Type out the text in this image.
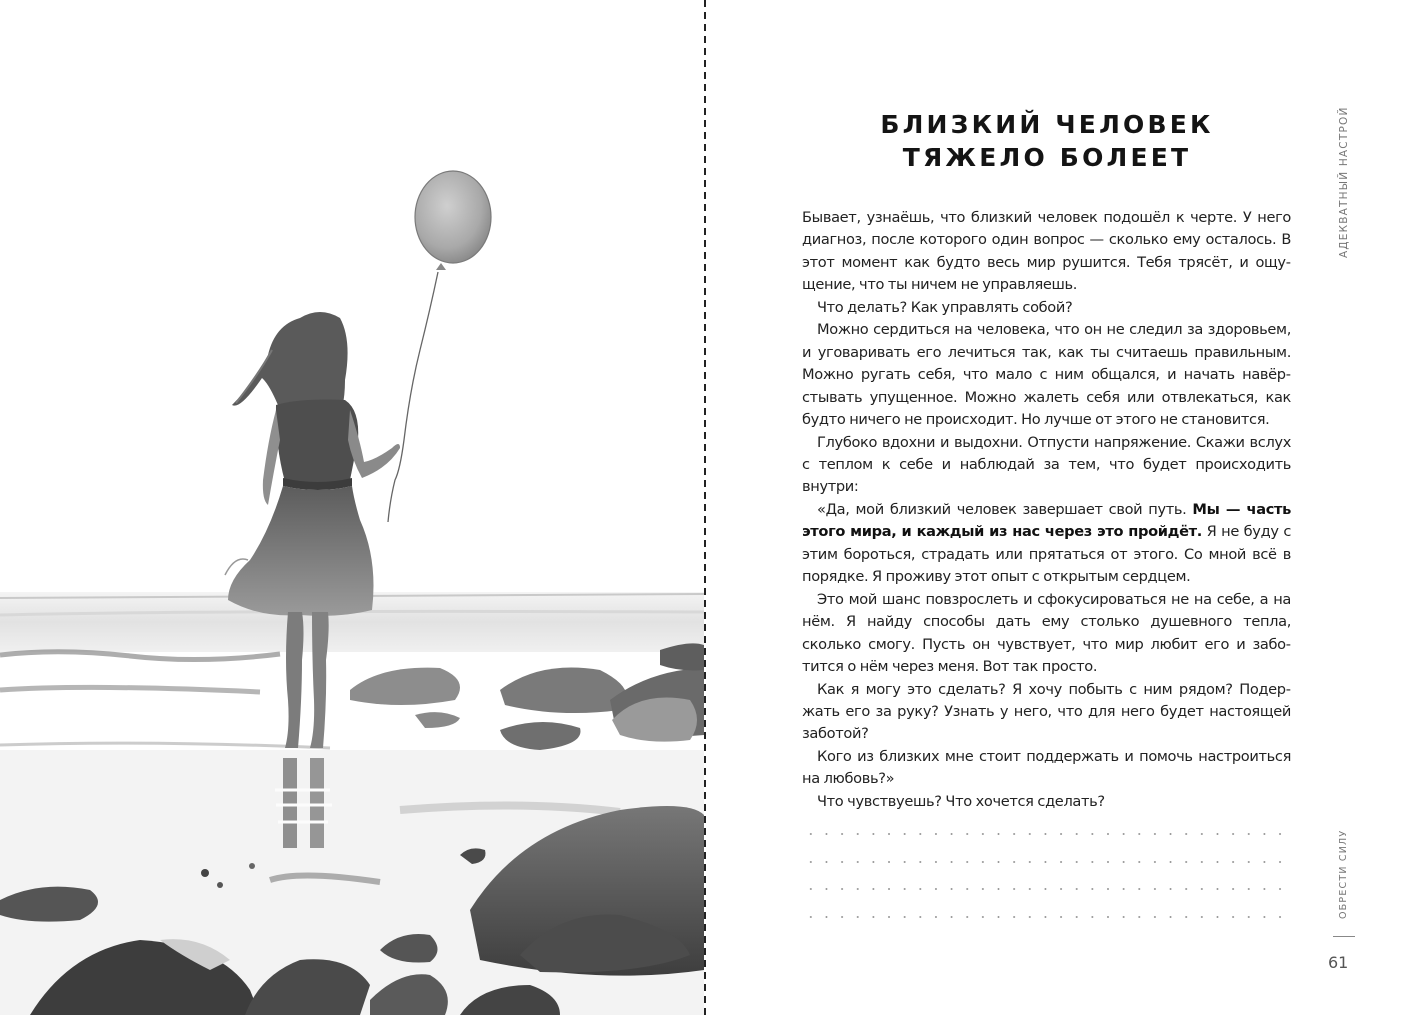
БЛИЗКИЙ ЧЕЛОВЕК
ТЯЖЕЛО БОЛЕЕТ

Бывает, узнаёшь, что близкий человек подошёл к черте. У него диагноз, после которого один вопрос — сколько ему осталось. В этот момент как будто весь мир рушится. Тебя трясёт, и ощущение, что ты ничем не управляешь.

Что делать? Как управлять собой?

Можно сердиться на человека, что он не следил за здоровьем, и уговаривать его лечиться так, как ты считаешь правильным. Можно ругать себя, что мало с ним общался, и начать навёрстывать упущенное. Можно жалеть себя или отвлекаться, как будто ничего не происходит. Но лучше от этого не становится.

Глубоко вдохни и выдохни. Отпусти напряжение. Скажи вслух с теплом к себе и наблюдай за тем, что будет происходить внутри:

«Да, мой близкий человек завершает свой путь. Мы — часть этого мира, и каждый из нас через это пройдёт. Я не буду с этим бороться, страдать или прятаться от этого. Со мной всё в порядке. Я проживу этот опыт с открытым сердцем.

Это мой шанс повзрослеть и сфокусироваться не на себе, а на нём. Я найду способы дать ему столько душевного тепла, сколько смогу. Пусть он чувствует, что мир любит его и заботится о нём через меня. Вот так просто.

Как я могу это сделать? Я хочу побыть с ним рядом? Подержать его за руку? Узнать у него, что для него будет настоящей заботой?

Кого из близких мне стоит поддержать и помочь настроиться на любовь?»

Что чувствуешь? Что хочется сделать?

АДЕКВАТНЫЙ НАСТРОЙ
ОБРЕСТИ СИЛУ
61
